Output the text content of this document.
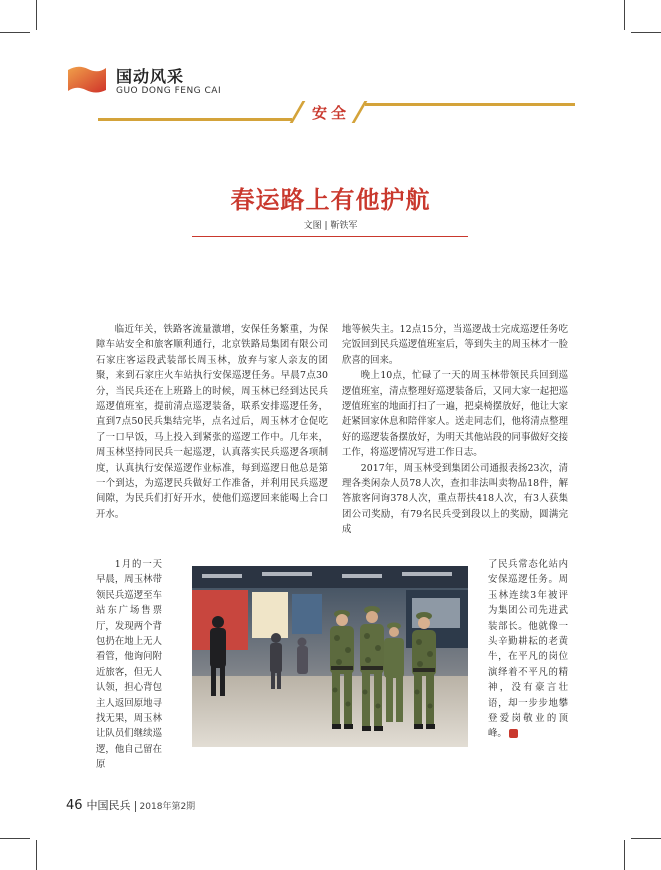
国动风采
GUO DONG FENG CAI
安全
春运路上有他护航
文图 | 靳铁军

临近年关，铁路客流量激增，安保任务繁重，为保障车站安全和旅客顺利通行，北京铁路局集团有限公司石家庄客运段武装部长周玉林，放弃与家人亲友的团聚，来到石家庄火车站执行安保巡逻任务。早晨7点30分，当民兵还在上班路上的时候，周玉林已经到达民兵巡逻值班室，提前清点巡逻装备，联系安排巡逻任务，直到7点50民兵集结完毕，点名过后，周玉林才仓促吃了一口早饭，马上投入到紧张的巡逻工作中。几年来，周玉林坚持同民兵一起巡逻，认真落实民兵巡逻各项制度，认真执行安保巡逻作业标准，每到巡逻日他总是第一个到达，为巡逻民兵做好工作准备，并利用民兵巡逻间隙，为民兵们打好开水，使他们巡逻回来能喝上合口开水。

地等候失主。12点15分，当巡逻战士完成巡逻任务吃完饭回到民兵巡逻值班室后，等到失主的周玉林才一脸欣喜的回来。

晚上10点，忙碌了一天的周玉林带领民兵回到巡逻值班室，清点整理好巡逻装备后，又同大家一起把巡逻值班室的地面打扫了一遍，把桌椅摆放好，他让大家赶紧回家休息和陪伴家人。送走同志们，他将清点整理好的巡逻装备摆放好，为明天其他站段的同事做好交接工作，将巡逻情况写进工作日志。

2017年，周玉林受到集团公司通报表扬23次，清理各类闲杂人员78人次，查扣非法叫卖物品18件，解答旅客问询378人次，重点帮扶418人次，有3人获集团公司奖励，有79名民兵受到段以上的奖励，圆满完成

1月的一天早晨，周玉林带领民兵巡逻至车站东广场售票厅，发现两个背包扔在地上无人看管，他询问附近旅客，但无人认领，担心背包主人返回原地寻找无果，周玉林让队员们继续巡逻，他自己留在原

了民兵常态化站内安保巡逻任务。周玉林连续3年被评为集团公司先进武装部长。他就像一头辛勤耕耘的老黄牛，在平凡的岗位演绎着不平凡的精神，没有豪言壮语，却一步步地攀登爱岗敬业的顶峰。
46 中国民兵 2018年第2期
